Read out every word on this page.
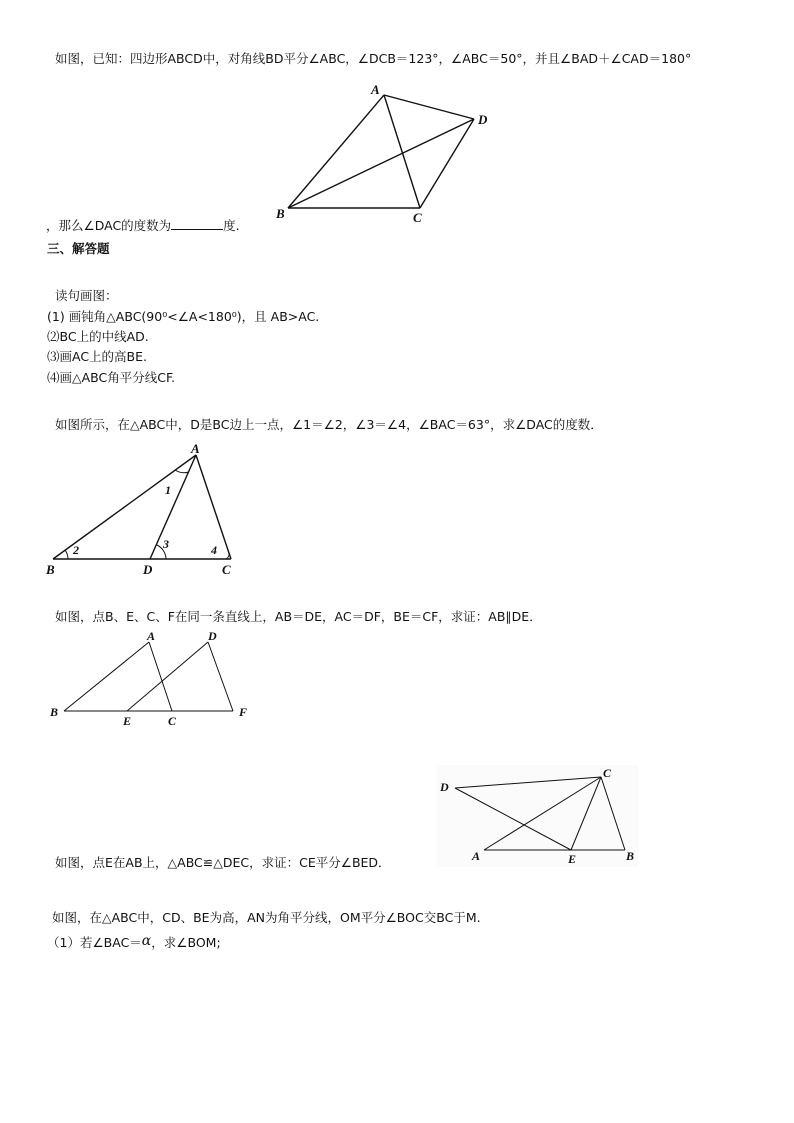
如图，已知：四边形ABCD中，对角线BD平分∠ABC，∠DCB＝123°，∠ABC＝50°，并且∠BAD＋∠CAD＝180°
A
D
B	C
，那么∠DAC的度数为	度.
三、解答题
读句画图：
(1) 画钝角△ABC(90⁰<∠A<180⁰)，且 AB>AC.
⑵BC上的中线AD.
⑶画AC上的高BE.
⑷画△ABC角平分线CF.
如图所示，在△ABC中，D是BC边上一点，∠1＝∠2，∠3＝∠4，∠BAC＝63°，求∠DAC的度数．
A
B	D	C
1
2	3	4
如图，点B、E、C、F在同一条直线上，AB＝DE，AC＝DF，BE＝CF，求证：AB∥DE．
A	D
B
E	C
F
如图，点E在AB上，△ABC≌△DEC，求证：CE平分∠BED．
D
C
A	E	B
如图，在△ABC中，CD、BE为高，AN为角平分线，OM平分∠BOC交BC于M.
（1）若∠BAC＝α，求∠BOM;
